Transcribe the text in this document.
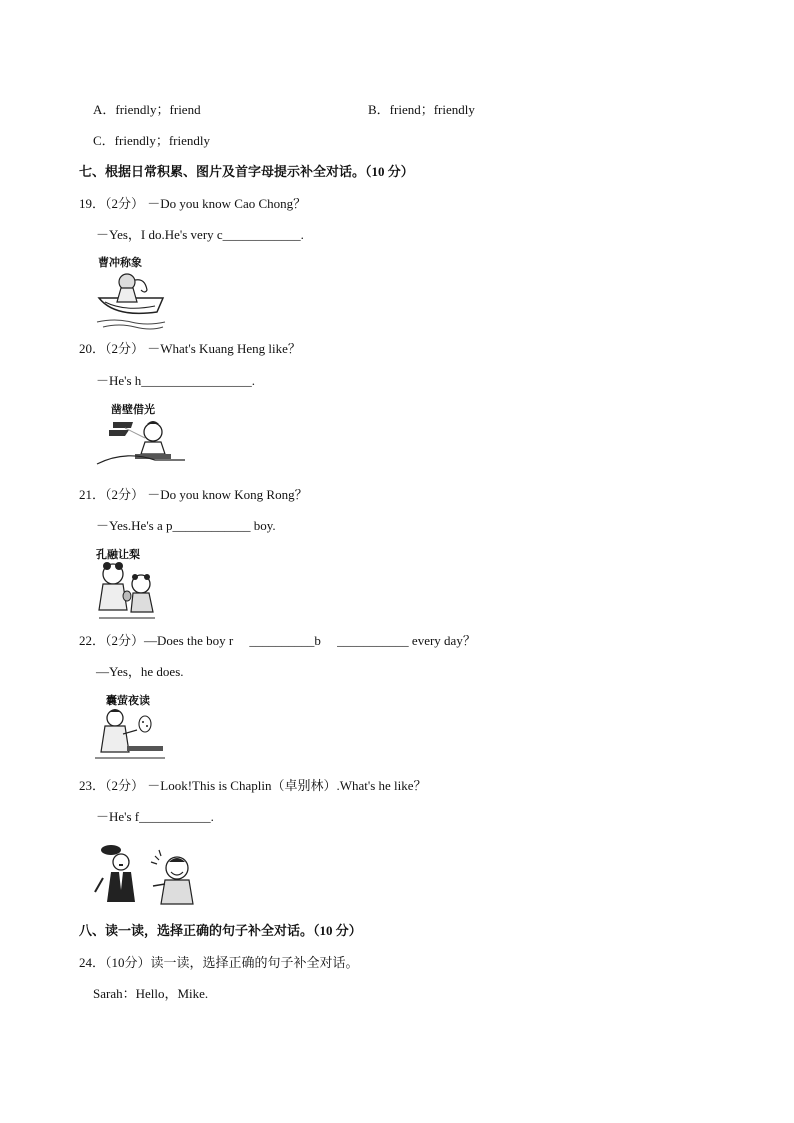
A．friendly；friend	B．friend；friendly
C．friendly；friendly
七、根据日常积累、图片及首字母提示补全对话。（10 分）
19．（2分） －Do you know Cao Chong？
－Yes，I do.He's very c____________.
曹冲称象
20．（2分） －What's Kuang Heng like？
－He's h_________________.
凿壁借光
21．（2分） －Do you know Kong Rong？
－Yes.He's a p____________ boy.
孔融让梨
22．（2分）—Does the boy r     __________b     ___________ every day？
—Yes，he does.
囊萤夜读
23．（2分） －Look!This is Chaplin（卓别林）.What's he like？
－He's f___________.
八、读一读，选择正确的句子补全对话。（10 分）
24．（10分）读一读，选择正确的句子补全对话。
Sarah：Hello，Mike.
